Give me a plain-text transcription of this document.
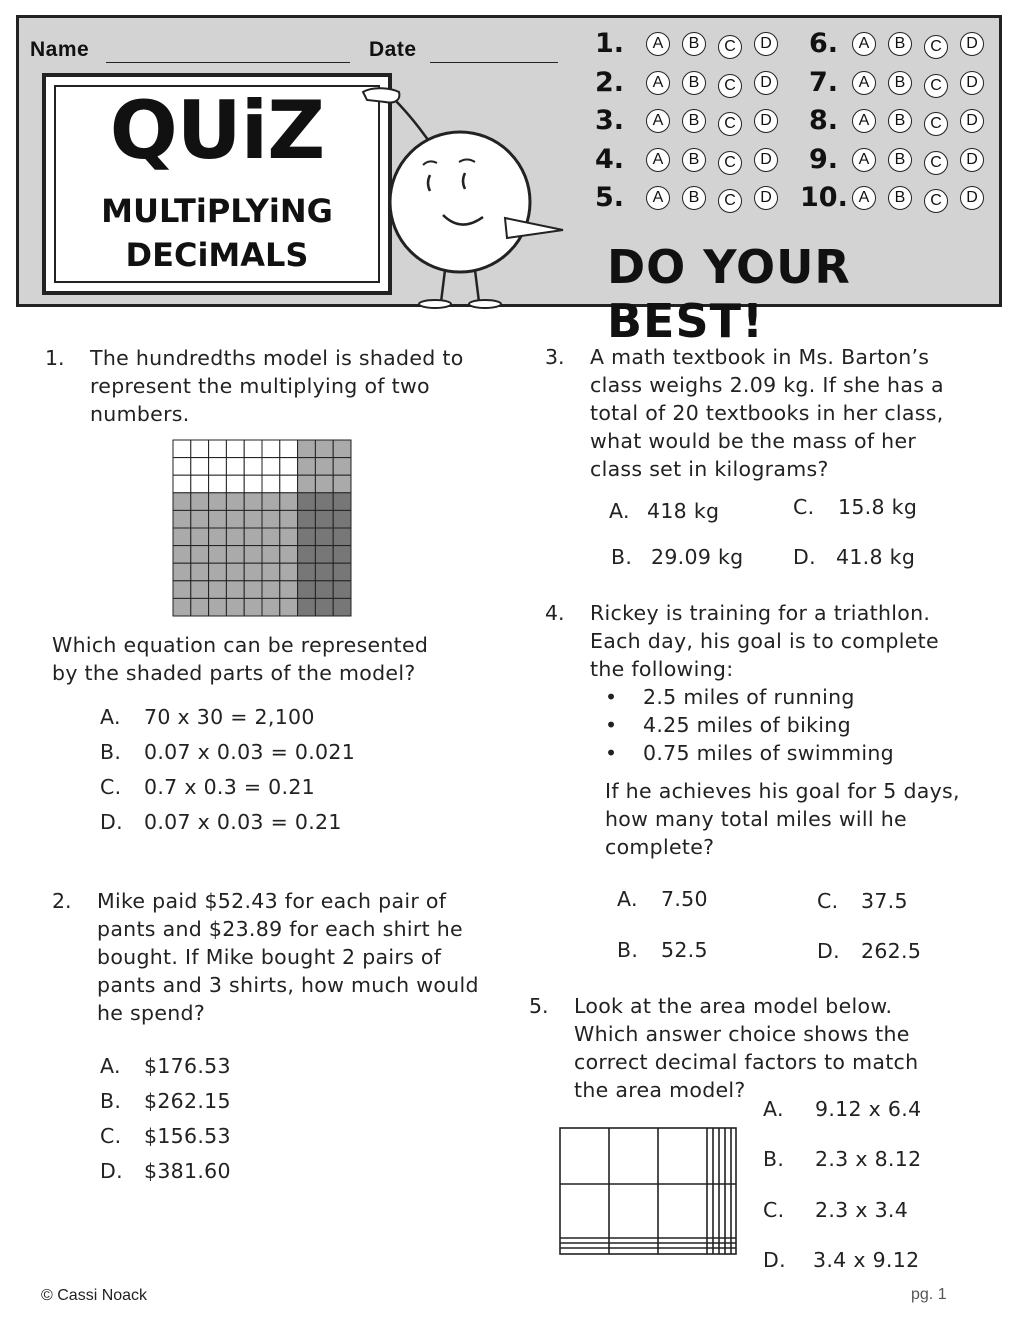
Name	Date
QUiZ
MULTiPLYiNG
DECiMALS
1.	A	B	C	D
2.	A	B	C	D
3.	A	B	C	D
4.	A	B	C	D
5.	A	B	C	D
6.	A	B	C	D
7.	A	B	C	D
8.	A	B	C	D
9.	A	B	C	D
10. A	B	C	D
DO YOUR BEST!
1. The hundredths model is shaded to
represent the multiplying of two
numbers.
Which equation can be represented
by the shaded parts of the model?
A. 70 x 30 = 2,100
B. 0.07 x 0.03 = 0.021
C. 0.7 x 0.3 = 0.21
D. 0.07 x 0.03 = 0.21
2. Mike paid $52.43 for each pair of
pants and $23.89 for each shirt he
bought. If Mike bought 2 pairs of
pants and 3 shirts, how much would
he spend?
A. $176.53
B. $262.15
C. $156.53
D. $381.60
3. A math textbook in Ms. Barton’s
class weighs 2.09 kg. If she has a
total of 20 textbooks in her class,
what would be the mass of her
class set in kilograms?
A. 418 kg	C. 15.8 kg
B. 29.09 kg D. 41.8 kg
4. Rickey is training for a triathlon.
Each day, his goal is to complete
the following:
• 2.5 miles of running
• 4.25 miles of biking
• 0.75 miles of swimming
If he achieves his goal for 5 days,
how many total miles will he
complete?
A. 7.50	C. 37.5
B. 52.5	D. 262.5
5. Look at the area model below.
Which answer choice shows the
correct decimal factors to match
the area model?
A. 9.12 x 6.4
B. 2.3 x 8.12
C. 2.3 x 3.4
D. 3.4 x 9.12
© Cassi Noack	pg. 1
